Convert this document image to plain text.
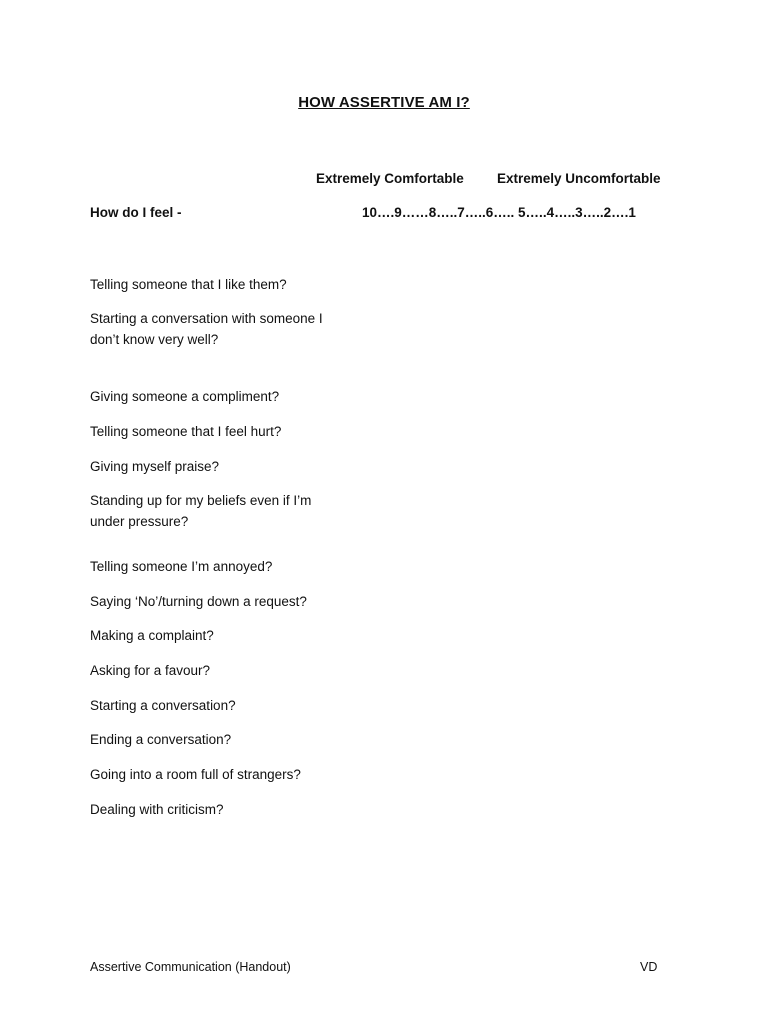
HOW ASSERTIVE AM I?
Extremely Comfortable Extremely Uncomfortable
How do I feel -	10….9……8…..7…..6….. 5…..4…..3…..2….1
Telling someone that I like them?
Starting a conversation with someone I don’t know very well?
Giving someone a compliment?
Telling someone that I feel hurt?
Giving myself praise?
Standing up for my beliefs even if I’m under pressure?
Telling someone I’m annoyed?
Saying ‘No’/turning down a request?
Making a complaint?
Asking for a favour?
Starting a conversation?
Ending a conversation?
Going into a room full of strangers?
Dealing with criticism?
Assertive Communication (Handout)	VD
